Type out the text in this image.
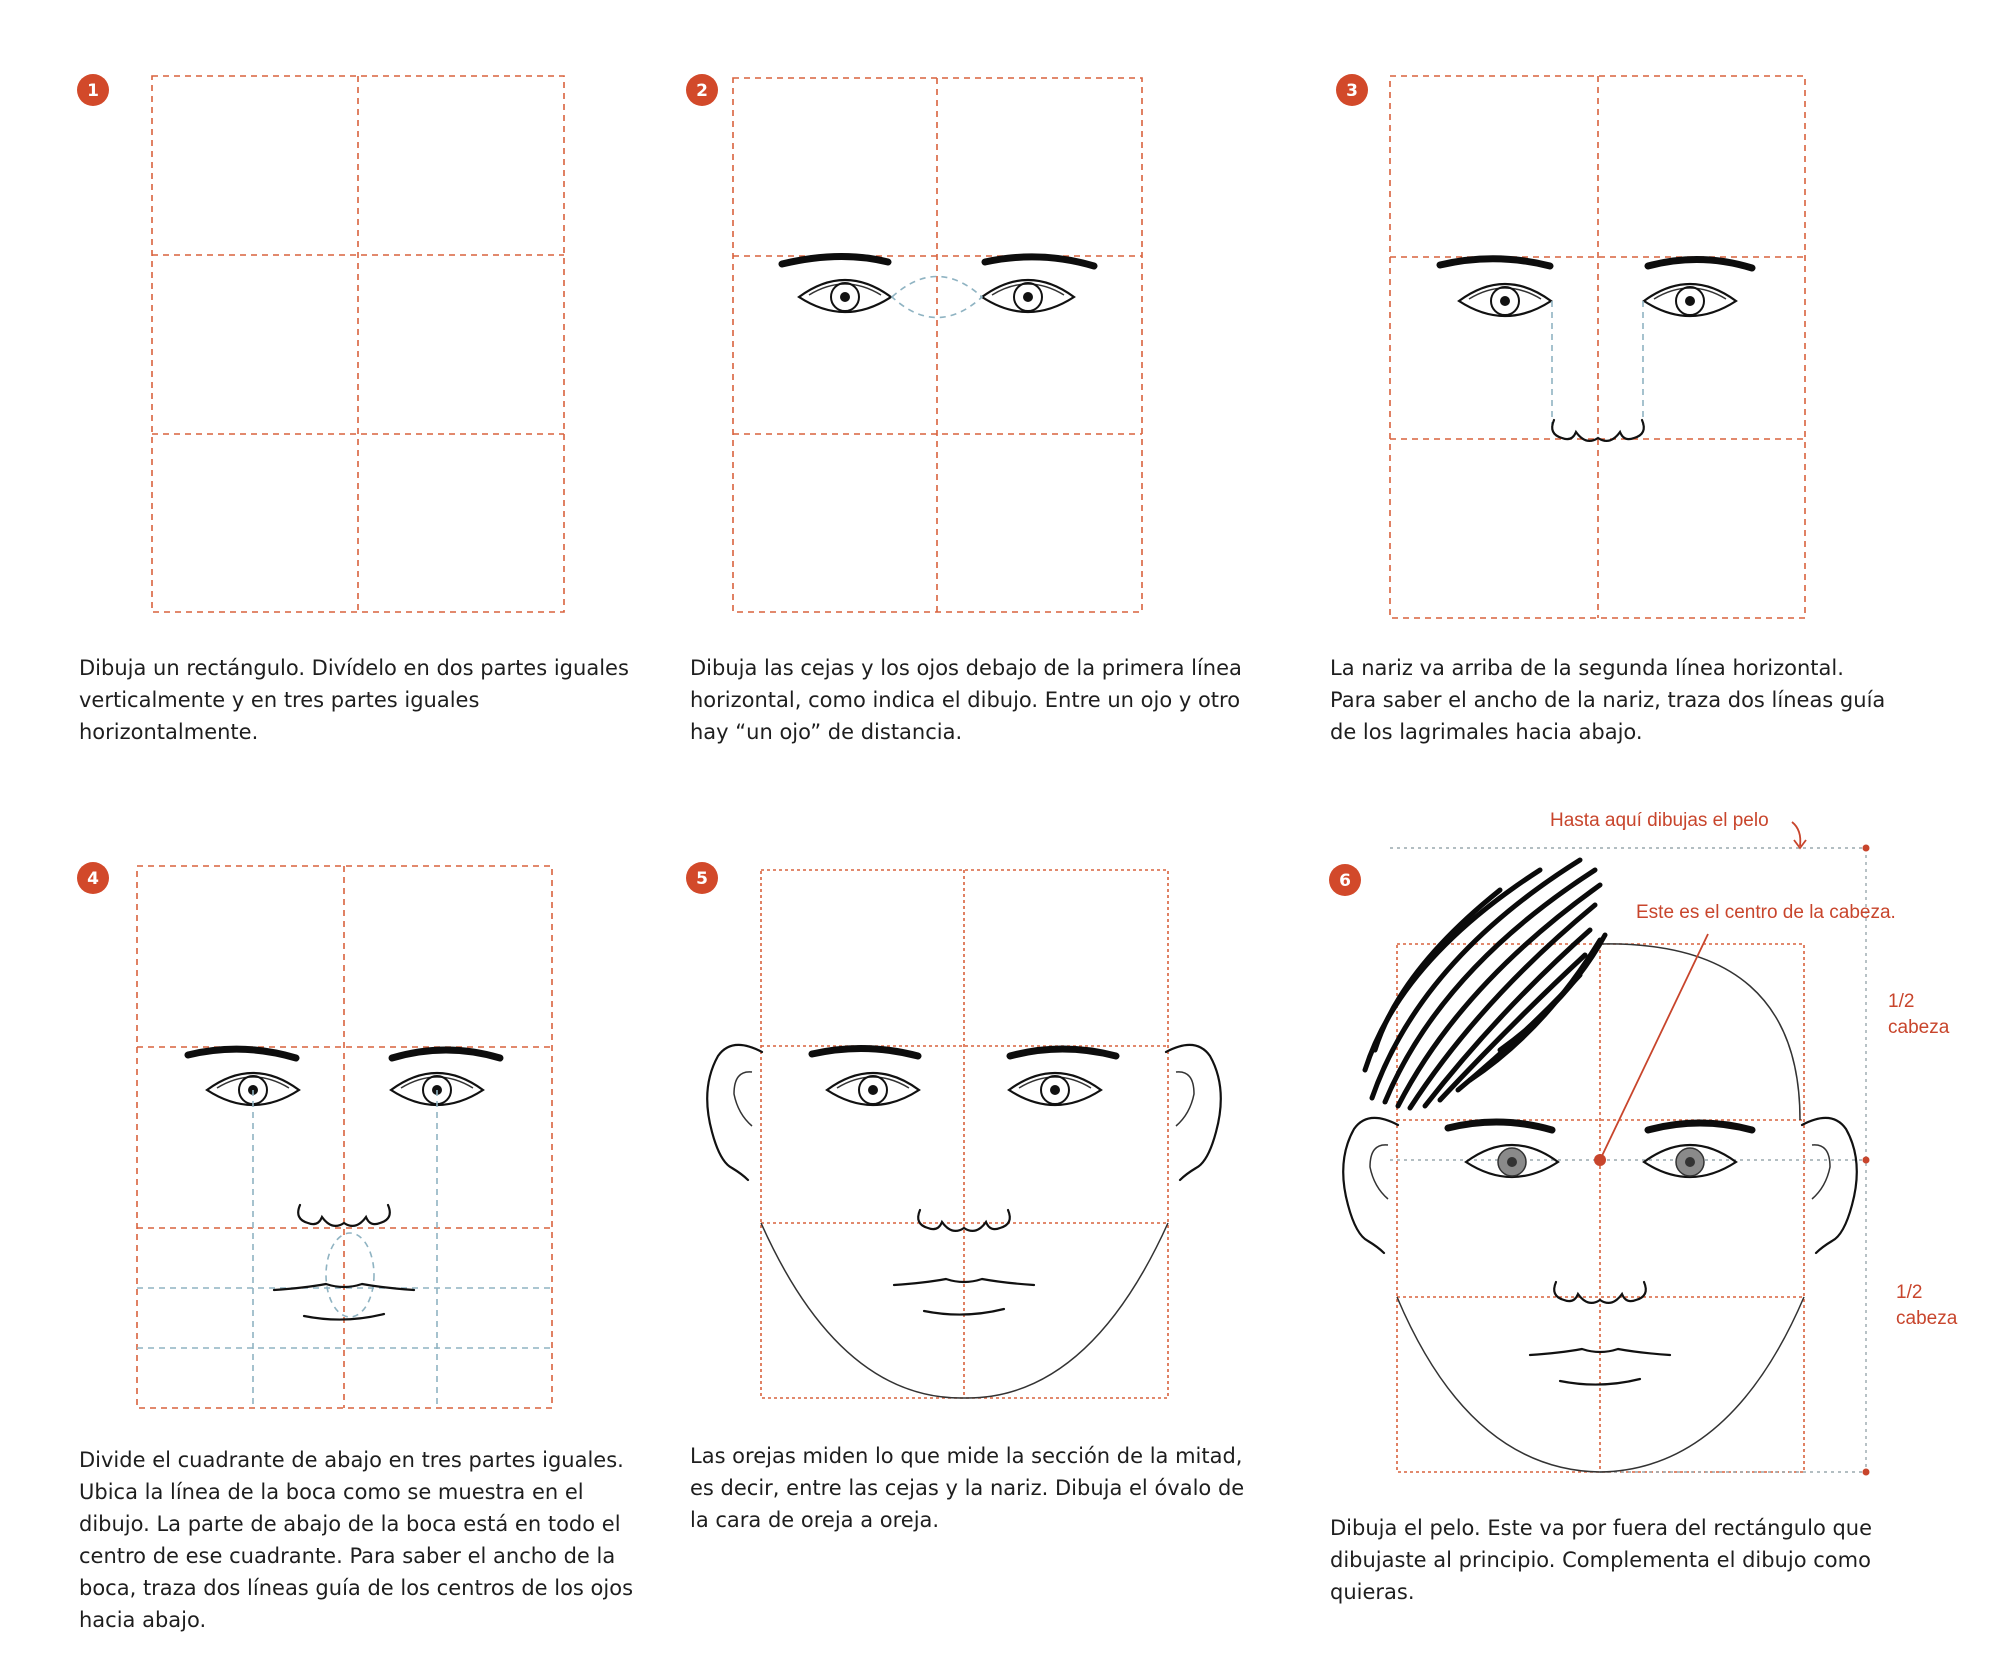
1	2	3
4	5	6
Hasta aquí dibujas el pelo
Este es el centro de la cabeza.
1/2
cabeza
1/2
cabeza
Dibuja un rectángulo. Divídelo en dos partes iguales verticalmente y en tres partes iguales horizontalmente.
Dibuja las cejas y los ojos debajo de la primera línea horizontal, como indica el dibujo. Entre un ojo y otro hay “un ojo” de distancia.
La nariz va arriba de la segunda línea horizontal. Para saber el ancho de la nariz, traza dos líneas guía de los lagrimales hacia abajo.
Divide el cuadrante de abajo en tres partes iguales. Ubica la línea de la boca como se muestra en el dibujo. La parte de abajo de la boca está en todo el centro de ese cuadrante. Para saber el ancho de la boca, traza dos líneas guía de los centros de los ojos hacia abajo.
Las orejas miden lo que mide la sección de la mitad, es decir, entre las cejas y la nariz. Dibuja el óvalo de la cara de oreja a oreja.	Dibuja el pelo. Este va por fuera del rectángulo que dibujaste al principio. Complementa el dibujo como quieras.
